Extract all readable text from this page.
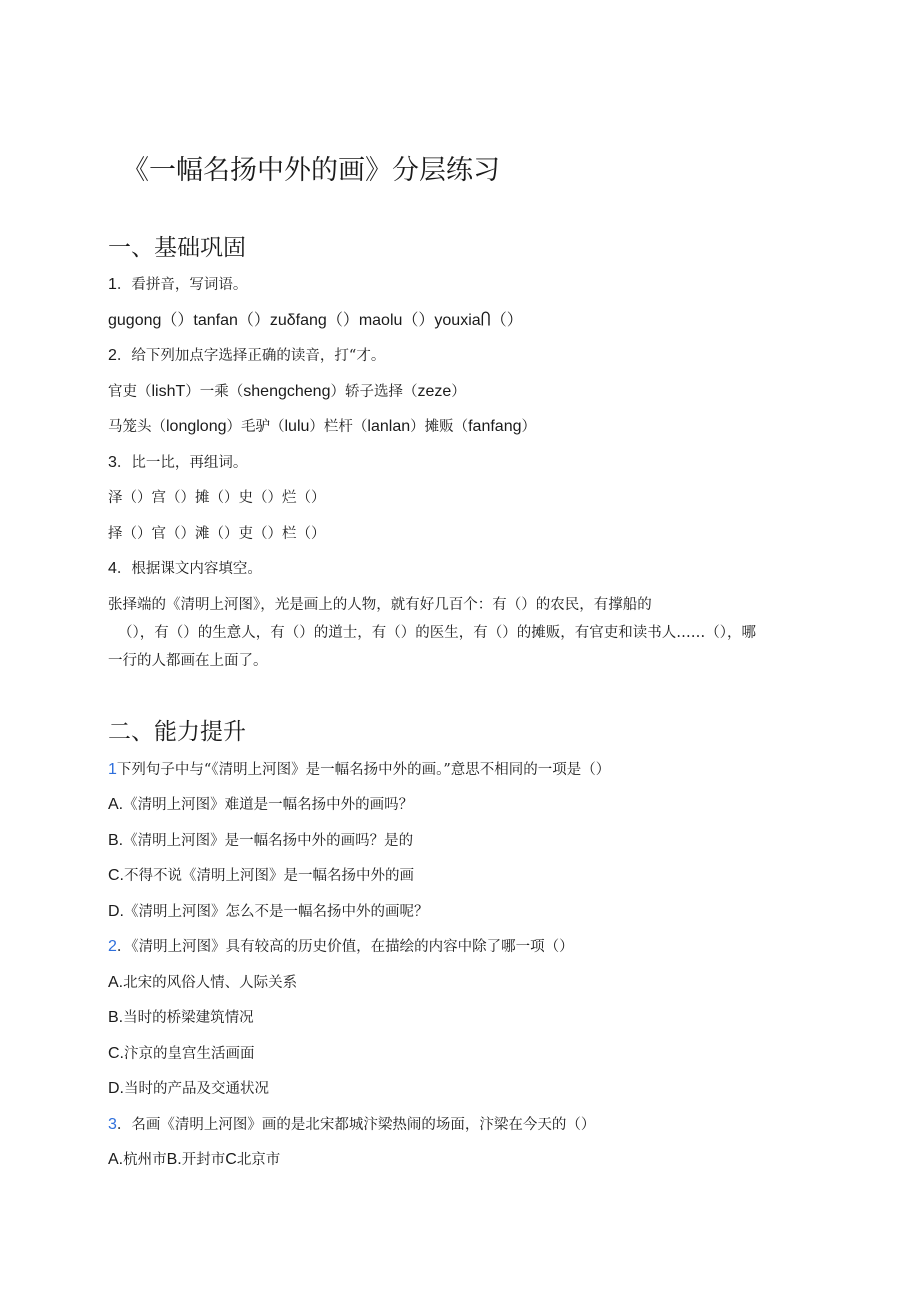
《一幅名扬中外的画》分层练习
一、基础巩固
1．看拼音，写词语。
gugong（）tanfan（）zuδfang（）maolu（）youxiaႶ（）
2．给下列加点字选择正确的读音，打“才。
官吏（lishT）一乘（shengcheng）轿子选择（zeze）
马笼头（longlong）毛驴（lulu）栏杆（lanlan）摊贩（fanfang）
3．比一比，再组词。
泽（）宫（）摊（）史（）烂（）
择（）官（）滩（）吏（）栏（）
4．根据课文内容填空。
张择端的《清明上河图》，光是画上的人物，就有好几百个：有（）的农民，有撑船的
（），有（）的生意人，有（）的道士，有（）的医生，有（）的摊贩，有官吏和读书人……（），哪
一行的人都画在上面了。
二、能力提升
1下列句子中与“《清明上河图》是一幅名扬中外的画。”意思不相同的一项是（）
A.《清明上河图》难道是一幅名扬中外的画吗？
B.《清明上河图》是一幅名扬中外的画吗？是的
C.不得不说《清明上河图》是一幅名扬中外的画
D.《清明上河图》怎么不是一幅名扬中外的画呢？
2．《清明上河图》具有较高的历史价值，在描绘的内容中除了哪一项（）
A.北宋的风俗人情、人际关系
B.当时的桥梁建筑情况
C.汴京的皇宫生活画面
D.当时的产品及交通状况
3．名画《清明上河图》画的是北宋都城汴梁热闹的场面，汴梁在今天的（）
A.杭州市B.开封市C北京市
